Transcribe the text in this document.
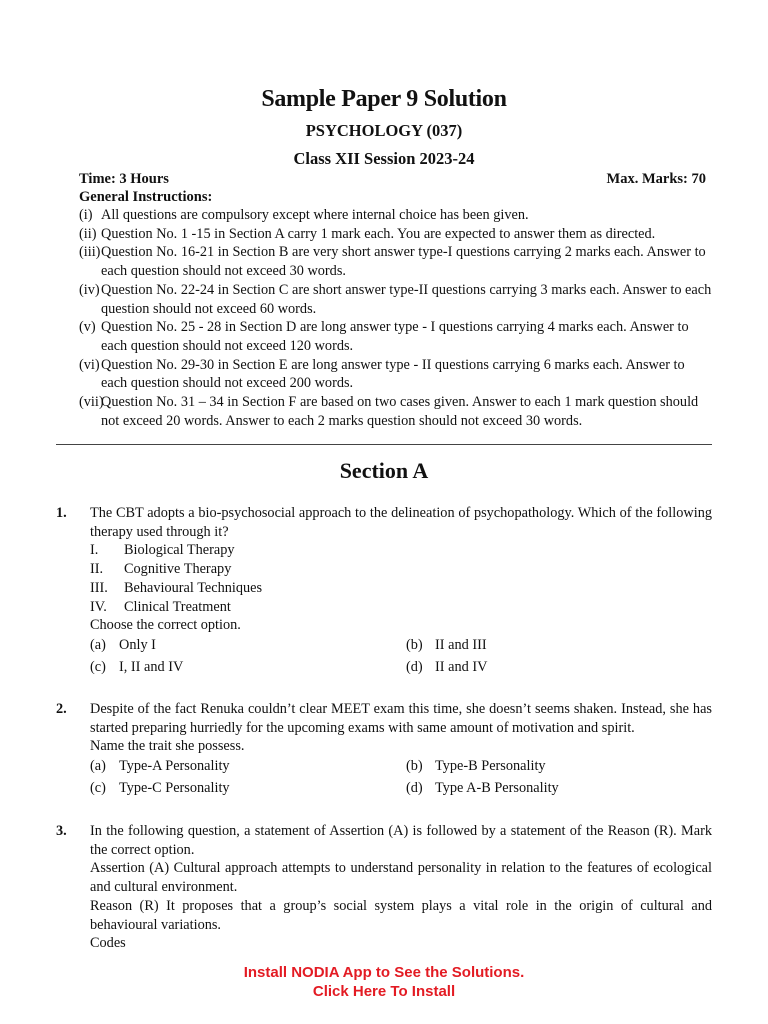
Sample Paper 9 Solution
PSYCHOLOGY (037)
Class XII Session 2023-24
Time: 3 Hours	Max. Marks: 70
General Instructions:
(i) All questions are compulsory except where internal choice has been given.
(ii) Question No. 1 -15 in Section A carry 1 mark each. You are expected to answer them as directed.
(iii) Question No. 16-21 in Section B are very short answer type-I questions carrying 2 marks each. Answer to each question should not exceed 30 words.
(iv) Question No. 22-24 in Section C are short answer type-II questions carrying 3 marks each. Answer to each question should not exceed 60 words.
(v) Question No. 25 - 28 in Section D are long answer type - I questions carrying 4 marks each. Answer to each question should not exceed 120 words.
(vi) Question No. 29-30 in Section E are long answer type - II questions carrying 6 marks each. Answer to each question should not exceed 200 words.
(vii)
Question No. 31 – 34 in Section F are based on two cases given. Answer to each 1 mark question should not exceed 20 words. Answer to each 2 marks question should not exceed 30 words.
Section A
1. The CBT adopts a bio-psychosocial approach to the delineation of psychopathology. Which of the following therapy used through it?
I.	Biological Therapy
II.	Cognitive Therapy
III.	Behavioural Techniques
IV.	Clinical Treatment
Choose the correct option.
(a) Only I	(b) II and III
(c) I, II and IV	(d) II and IV
2. Despite of the fact Renuka couldn’t clear MEET exam this time, she doesn’t seems shaken. Instead, she has started preparing hurriedly for the upcoming exams with same amount of motivation and spirit.
Name the trait she possess.
(a) Type-A Personality	(b) Type-B Personality
(c) Type-C Personality	(d) Type A-B Personality
3. In the following question, a statement of Assertion (A) is followed by a statement of the Reason (R). Mark the correct option.
Assertion (A) Cultural approach attempts to understand personality in relation to the features of ecological and cultural environment.
Reason (R) It proposes that a group’s social system plays a vital role in the origin of cultural and behavioural variations.
Codes
Install NODIA App to See the Solutions.
Click Here To Install
